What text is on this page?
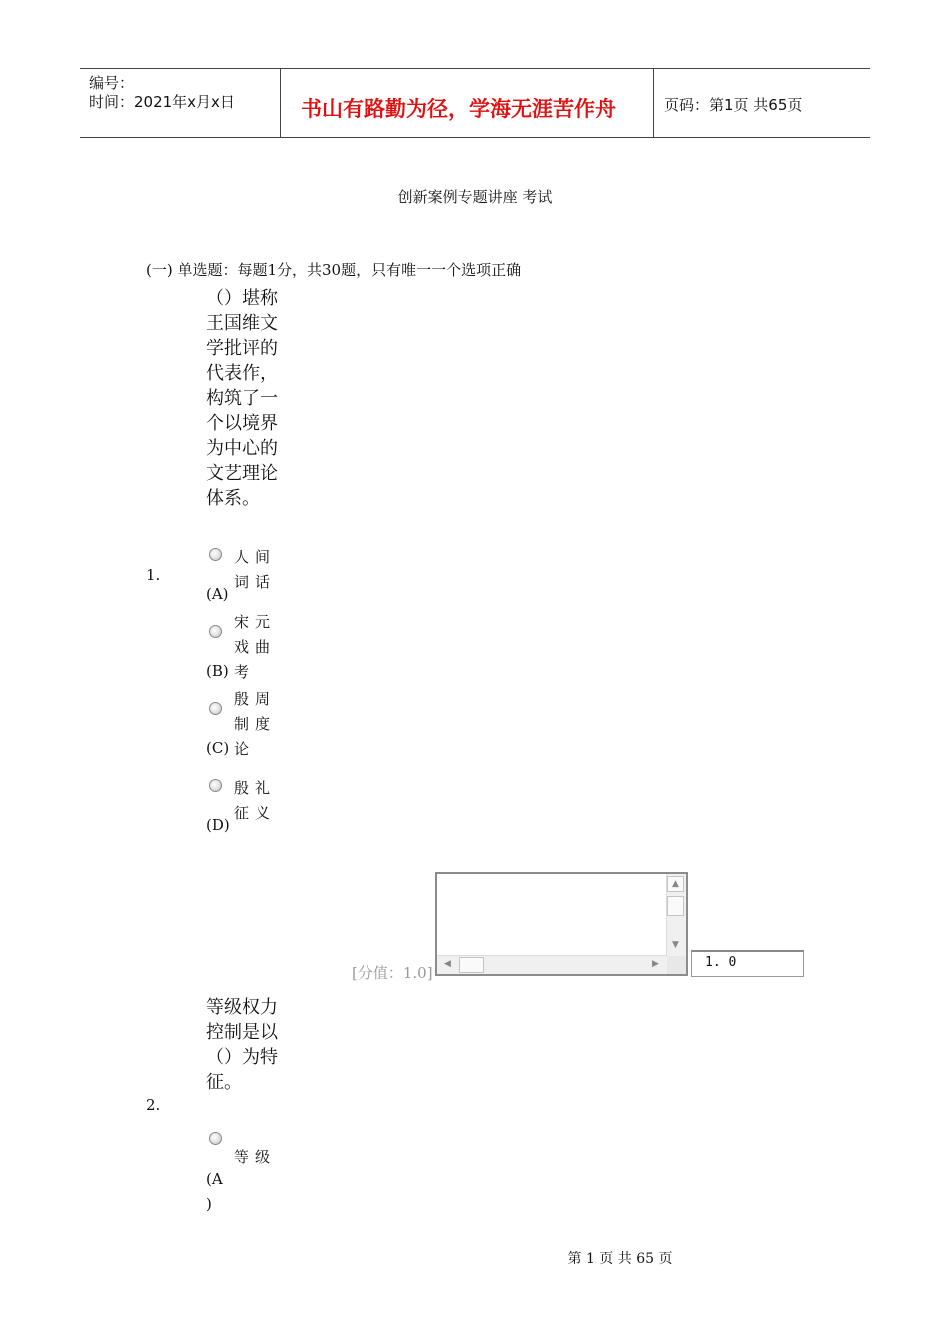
编号：
时间：2021年x月x日	书山有路勤为径，学海无涯苦作舟	页码：第1页 共65页
创新案例专题讲座 考试
(一) 单选题：每题1分，共30题，只有唯一一个选项正确
（）堪称王国维文学批评的代表作，构筑了一个以境界为中心的文艺理论体系。
1.
(A)
人间词话
(B)
宋元戏曲考
(C)
殷周制度论
(D)
殷礼征义
[分值：1.0]
▲
▼
◀	▶	1. 0
等级权力控制是以（）为特征。
2.
(A
)
等级
第 1 页 共 65 页
